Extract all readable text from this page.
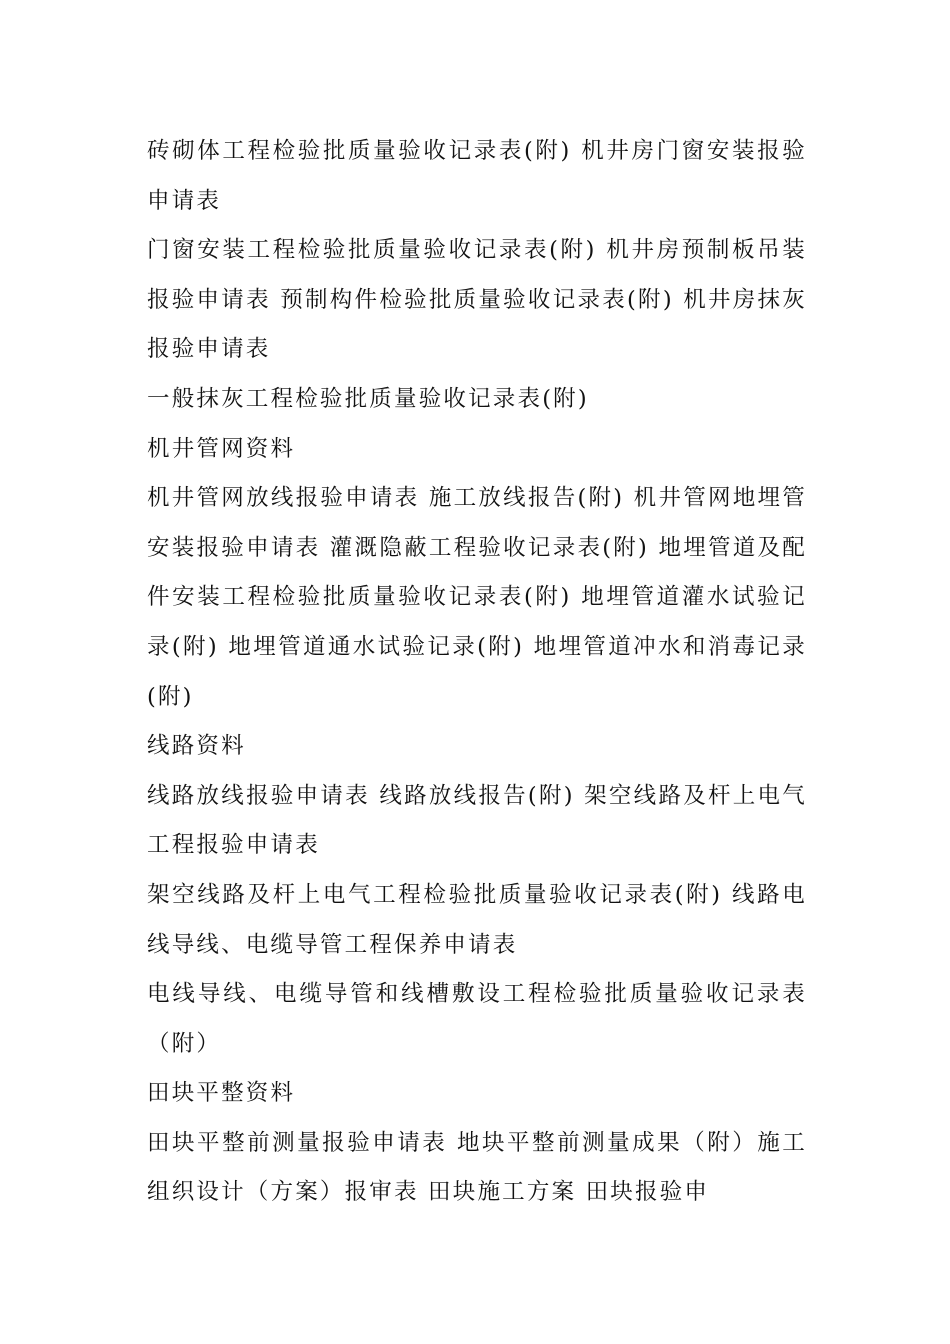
砖砌体工程检验批质量验收记录表(附) 机井房门窗安装报验申请表

门窗安装工程检验批质量验收记录表(附) 机井房预制板吊装报验申请表 预制构件检验批质量验收记录表(附) 机井房抹灰报验申请表

一般抹灰工程检验批质量验收记录表(附)

机井管网资料

机井管网放线报验申请表 施工放线报告(附) 机井管网地埋管安装报验申请表 灌溉隐蔽工程验收记录表(附) 地埋管道及配件安装工程检验批质量验收记录表(附) 地埋管道灌水试验记录(附) 地埋管道通水试验记录(附) 地埋管道冲水和消毒记录(附)

线路资料

线路放线报验申请表 线路放线报告(附) 架空线路及杆上电气工程报验申请表

架空线路及杆上电气工程检验批质量验收记录表(附) 线路电线导线、电缆导管工程保养申请表

电线导线、电缆导管和线槽敷设工程检验批质量验收记录表（附）

田块平整资料

田块平整前测量报验申请表 地块平整前测量成果（附）施工组织设计（方案）报审表 田块施工方案 田块报验申
